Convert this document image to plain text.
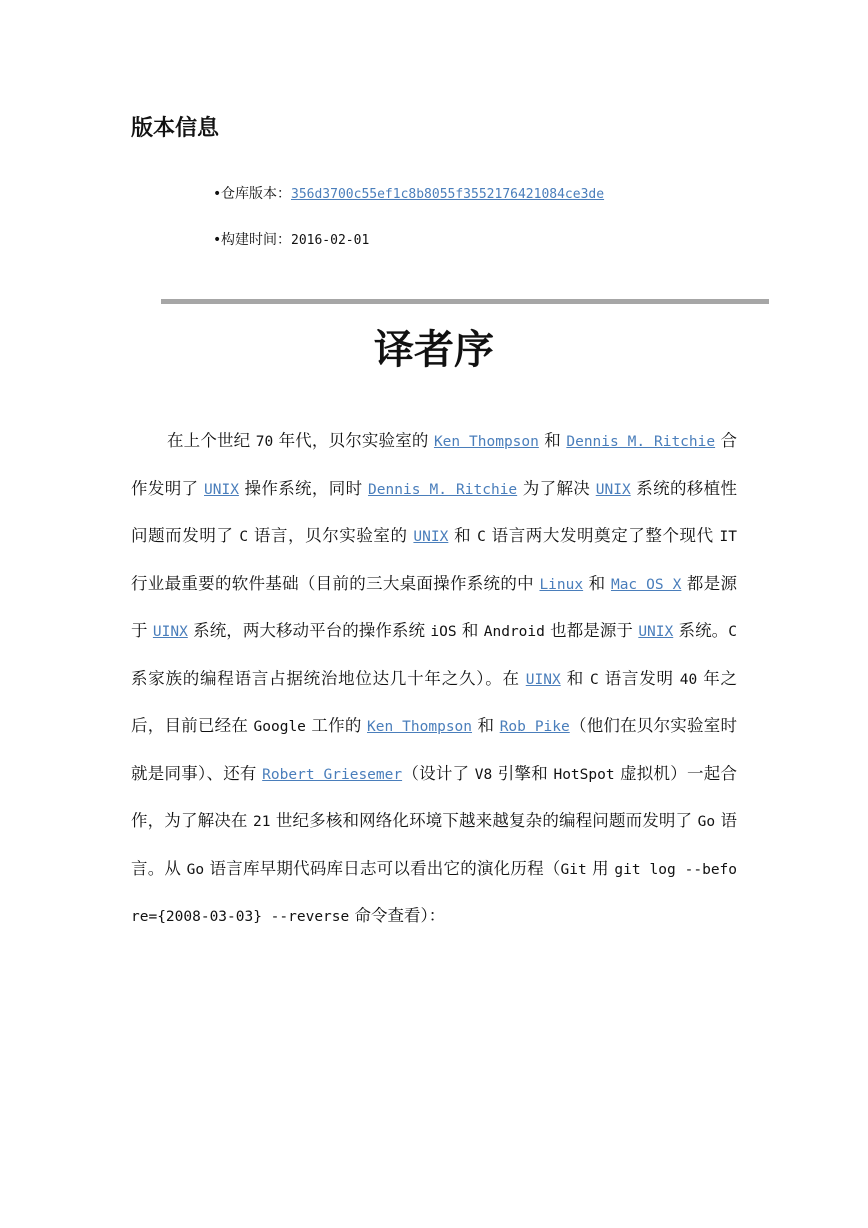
版本信息
•仓库版本：356d3700c55ef1c8b8055f3552176421084ce3de
•构建时间：2016-02-01
译者序

在上个世纪 70 年代，贝尔实验室的 Ken Thompson 和 Dennis M. Ritchie 合作发明了 UNIX 操作系统，同时 Dennis M. Ritchie 为了解决 UNIX 系统的移植性问题而发明了 C 语言，贝尔实验室的 UNIX 和 C 语言两大发明奠定了整个现代 IT 行业最重要的软件基础（目前的三大桌面操作系统的中 Linux 和 Mac OS X 都是源于 UINX 系统，两大移动平台的操作系统 iOS 和 Android 也都是源于 UNIX 系统。C 系家族的编程语言占据统治地位达几十年之久）。在 UINX 和 C 语言发明 40 年之后，目前已经在 Google 工作的 Ken Thompson 和 Rob Pike（他们在贝尔实验室时就是同事）、还有 Robert Griesemer（设计了 V8 引擎和 HotSpot 虚拟机）一起合作，为了解决在 21 世纪多核和网络化环境下越来越复杂的编程问题而发明了 Go 语言。从 Go 语言库早期代码库日志可以看出它的演化历程（Git 用 git log --before={2008-03-03} --reverse 命令查看）：
